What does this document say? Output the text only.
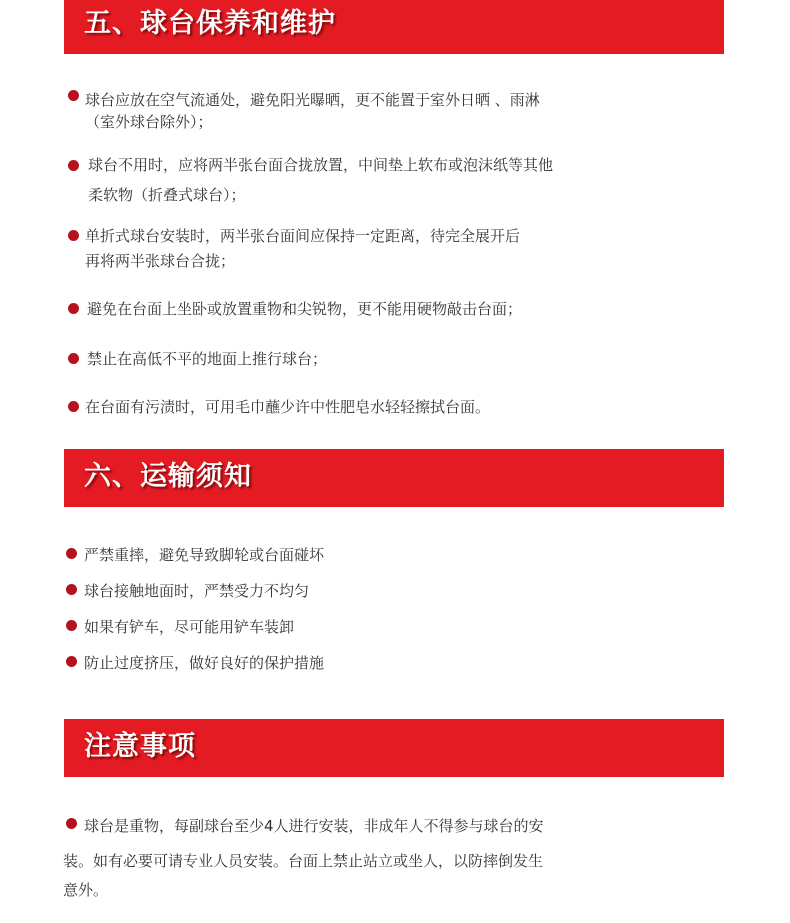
五、球台保养和维护
球台应放在空气流通处，避免阳光曝晒，更不能置于室外日晒 、雨淋
（室外球台除外）；
球台不用时，应将两半张台面合拢放置，中间垫上软布或泡沫纸等其他
柔软物（折叠式球台）；
单折式球台安装时，两半张台面间应保持一定距离，待完全展开后
再将两半张球台合拢；
避免在台面上坐卧或放置重物和尖锐物，更不能用硬物敲击台面；
禁止在高低不平的地面上推行球台；
在台面有污渍时，可用毛巾蘸少许中性肥皂水轻轻擦拭台面。
六、运输须知
严禁重摔，避免导致脚轮或台面碰坏
球台接触地面时，严禁受力不均匀
如果有铲车，尽可能用铲车装卸
防止过度挤压，做好良好的保护措施
注意事项
球台是重物，每副球台至少4人进行安装，非成年人不得参与球台的安
装。如有必要可请专业人员安装。台面上禁止站立或坐人，以防摔倒发生
意外。
